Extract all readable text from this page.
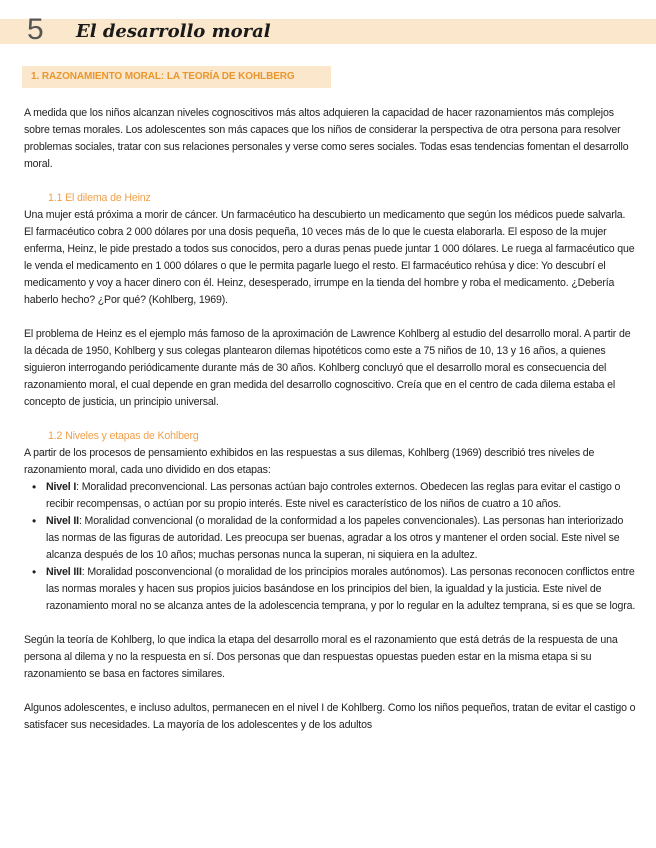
5 El desarrollo moral
1. RAZONAMIENTO MORAL: LA TEORÍA DE KOHLBERG

A medida que los niños alcanzan niveles cognoscitivos más altos adquieren la capacidad de hacer razonamientos más complejos sobre temas morales. Los adolescentes son más capaces que los niños de considerar la perspectiva de otra persona para resolver problemas sociales, tratar con sus relaciones personales y verse como seres sociales. Todas esas tendencias fomentan el desarrollo moral.

1.1 El dilema de Heinz

Una mujer está próxima a morir de cáncer. Un farmacéutico ha descubierto un medicamento que según los médicos puede salvarla. El farmacéutico cobra 2 000 dólares por una dosis pequeña, 10 veces más de lo que le cuesta elaborarla. El esposo de la mujer enferma, Heinz, le pide prestado a todos sus conocidos, pero a duras penas puede juntar 1 000 dólares. Le ruega al farmacéutico que le venda el medicamento en 1 000 dólares o que le permita pagarle luego el resto. El farmacéutico rehúsa y dice: Yo descubrí el medicamento y voy a hacer dinero con él. Heinz, desesperado, irrumpe en la tienda del hombre y roba el medicamento. ¿Debería haberlo hecho? ¿Por qué? (Kohlberg, 1969).

El problema de Heinz es el ejemplo más famoso de la aproximación de Lawrence Kohlberg al estudio del desarrollo moral. A partir de la década de 1950, Kohlberg y sus colegas plantearon dilemas hipotéticos como este a 75 niños de 10, 13 y 16 años, a quienes siguieron interrogando periódicamente durante más de 30 años. Kohlberg concluyó que el desarrollo moral es consecuencia del razonamiento moral, el cual depende en gran medida del desarrollo cognoscitivo. Creía que en el centro de cada dilema estaba el concepto de justicia, un principio universal.

1.2 Niveles y etapas de Kohlberg

A partir de los procesos de pensamiento exhibidos en las respuestas a sus dilemas, Kohlberg (1969) describió tres niveles de razonamiento moral, cada uno dividido en dos etapas:

• Nivel I: Moralidad preconvencional. Las personas actúan bajo controles externos. Obedecen las reglas para evitar el castigo o recibir recompensas, o actúan por su propio interés. Este nivel es característico de los niños de cuatro a 10 años.
• Nivel II: Moralidad convencional (o moralidad de la conformidad a los papeles convencionales). Las personas han interiorizado las normas de las figuras de autoridad. Les preocupa ser buenas, agradar a los otros y mantener el orden social. Este nivel se alcanza después de los 10 años; muchas personas nunca la superan, ni siquiera en la adultez.
• Nivel III: Moralidad posconvencional (o moralidad de los principios morales autónomos). Las personas reconocen conflictos entre las normas morales y hacen sus propios juicios basándose en los principios del bien, la igualdad y la justicia. Este nivel de razonamiento moral no se alcanza antes de la adolescencia temprana, y por lo regular en la adultez temprana, si es que se logra.

Según la teoría de Kohlberg, lo que indica la etapa del desarrollo moral es el razonamiento que está detrás de la respuesta de una persona al dilema y no la respuesta en sí. Dos personas que dan respuestas opuestas pueden estar en la misma etapa si su razonamiento se basa en factores similares.

Algunos adolescentes, e incluso adultos, permanecen en el nivel I de Kohlberg. Como los niños pequeños, tratan de evitar el castigo o satisfacer sus necesidades. La mayoría de los adolescentes y de los adultos
